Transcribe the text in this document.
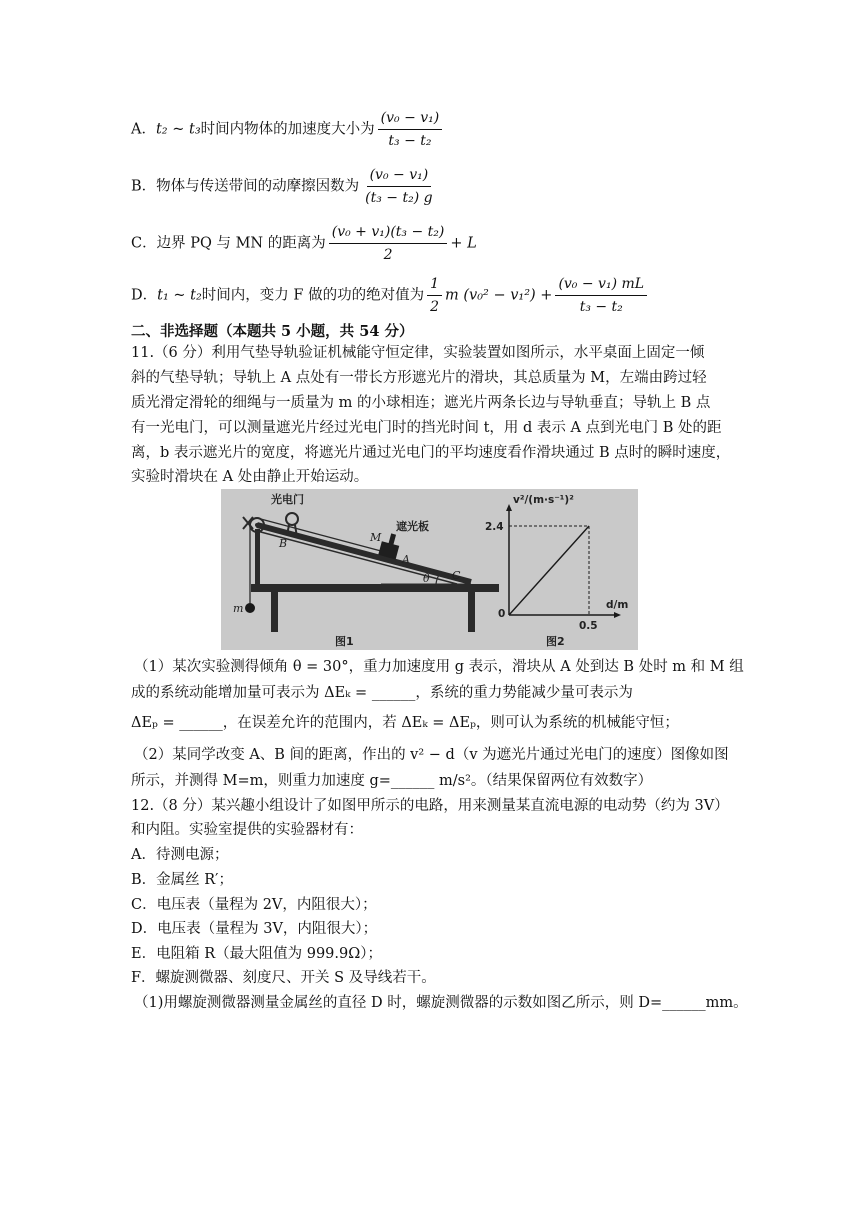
A．t₂ ~ t₃时间内物体的加速度大小为 $\frac{\text{(v₀ − v₁)}}{\text{t₃ − t₂}}$
B．物体与传送带间的动摩擦因数为 $\frac{\text{(v₀ − v₁)}}{\text{(t₃ − t₂) g}}$
C．边界 PQ 与 MN 的距离为 $\frac{\text{(v₀ + v₁)(t₃ − t₂)}}{2} + L$
D．t₁ ~ t₂时间内，变力 F 做的功的绝对值为 $\frac{1}{2}$ m $(v_0^2 - v_1^2) + \frac{\text{(v₀ − v₁) mL}}{\text{t₃ − t₂}}$
二、非选择题（本题共 5 小题，共 54 分）
11.（6 分）利用气垫导轨验证机械能守恒定律，实验装置如图所示，水平桌面上固定一倾
斜的气垫导轨；导轨上 A 点处有一带长方形遮光片的滑块，其总质量为 M，左端由跨过轻
质光滑定滑轮的细绳与一质量为 m 的小球相连；遮光片两条长边与导轨垂直；导轨上 B 点
有一光电门，可以测量遮光片经过光电门时的挡光时间 t，用 d 表示 A 点到光电门 B 处的距
离，b 表示遮光片的宽度，将遮光片通过光电门的平均速度看作滑块通过 B 点时的瞬时速度，
实验时滑块在 A 处由静止开始运动。
光电门
B
遮光板
M
A
θ C
m
图1
v²/(m·s⁻¹)²
d/m
2.4
0
0.5
图2
（1）某次实验测得倾角 θ = 30°，重力加速度用 g 表示，滑块从 A 处到达 B 处时 m 和 M 组
成的系统动能增加量可表示为 ΔEₖ = ______，系统的重力势能减少量可表示为
ΔEₚ = ______，在误差允许的范围内，若 ΔEₖ = ΔEₚ，则可认为系统的机械能守恒；
（2）某同学改变 A、B 间的距离，作出的 v² − d（v 为遮光片通过光电门的速度）图像如图
所示，并测得 M=m，则重力加速度 g=______ m/s²。（结果保留两位有效数字）
12.（8 分）某兴趣小组设计了如图甲所示的电路，用来测量某直流电源的电动势（约为 3V）
和内阻。实验室提供的实验器材有：
A．待测电源；
B．金属丝 R′；
C．电压表（量程为 2V，内阻很大）；
D．电压表（量程为 3V，内阻很大）；
E．电阻箱 R（最大阻值为 999.9Ω）；
F．螺旋测微器、刻度尺、开关 S 及导线若干。
（1)用螺旋测微器测量金属丝的直径 D 时，螺旋测微器的示数如图乙所示，则 D=______mm。
